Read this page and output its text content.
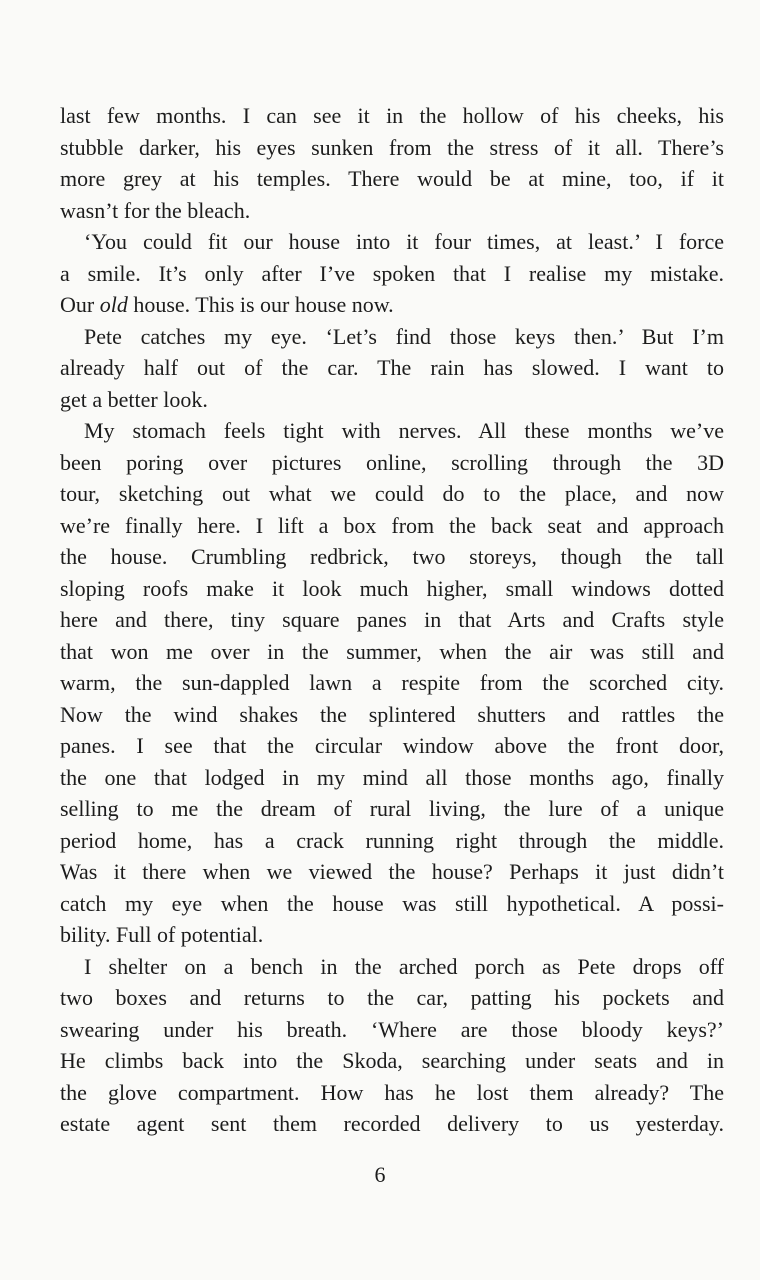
last few months. I can see it in the hollow of his cheeks, his
stubble darker, his eyes sunken from the stress of it all. There’s
more grey at his temples. There would be at mine, too, if it
wasn’t for the bleach.
‘You could fit our house into it four times, at least.’ I force
a smile. It’s only after I’ve spoken that I realise my mistake.
Our old house. This is our house now.
Pete catches my eye. ‘Let’s find those keys then.’ But I’m
already half out of the car. The rain has slowed. I want to
get a better look.
My stomach feels tight with nerves. All these months we’ve
been poring over pictures online, scrolling through the 3D
tour, sketching out what we could do to the place, and now
we’re finally here. I lift a box from the back seat and approach
the house. Crumbling redbrick, two storeys, though the tall
sloping roofs make it look much higher, small windows dotted
here and there, tiny square panes in that Arts and Crafts style
that won me over in the summer, when the air was still and
warm, the sun-dappled lawn a respite from the scorched city.
Now the wind shakes the splintered shutters and rattles the
panes. I see that the circular window above the front door,
the one that lodged in my mind all those months ago, finally
selling to me the dream of rural living, the lure of a unique
period home, has a crack running right through the middle.
Was it there when we viewed the house? Perhaps it just didn’t
catch my eye when the house was still hypothetical. A possi-
bility. Full of potential.
I shelter on a bench in the arched porch as Pete drops off
two boxes and returns to the car, patting his pockets and
swearing under his breath. ‘Where are those bloody keys?’
He climbs back into the Skoda, searching under seats and in
the glove compartment. How has he lost them already? The
estate agent sent them recorded delivery to us yesterday.
6
